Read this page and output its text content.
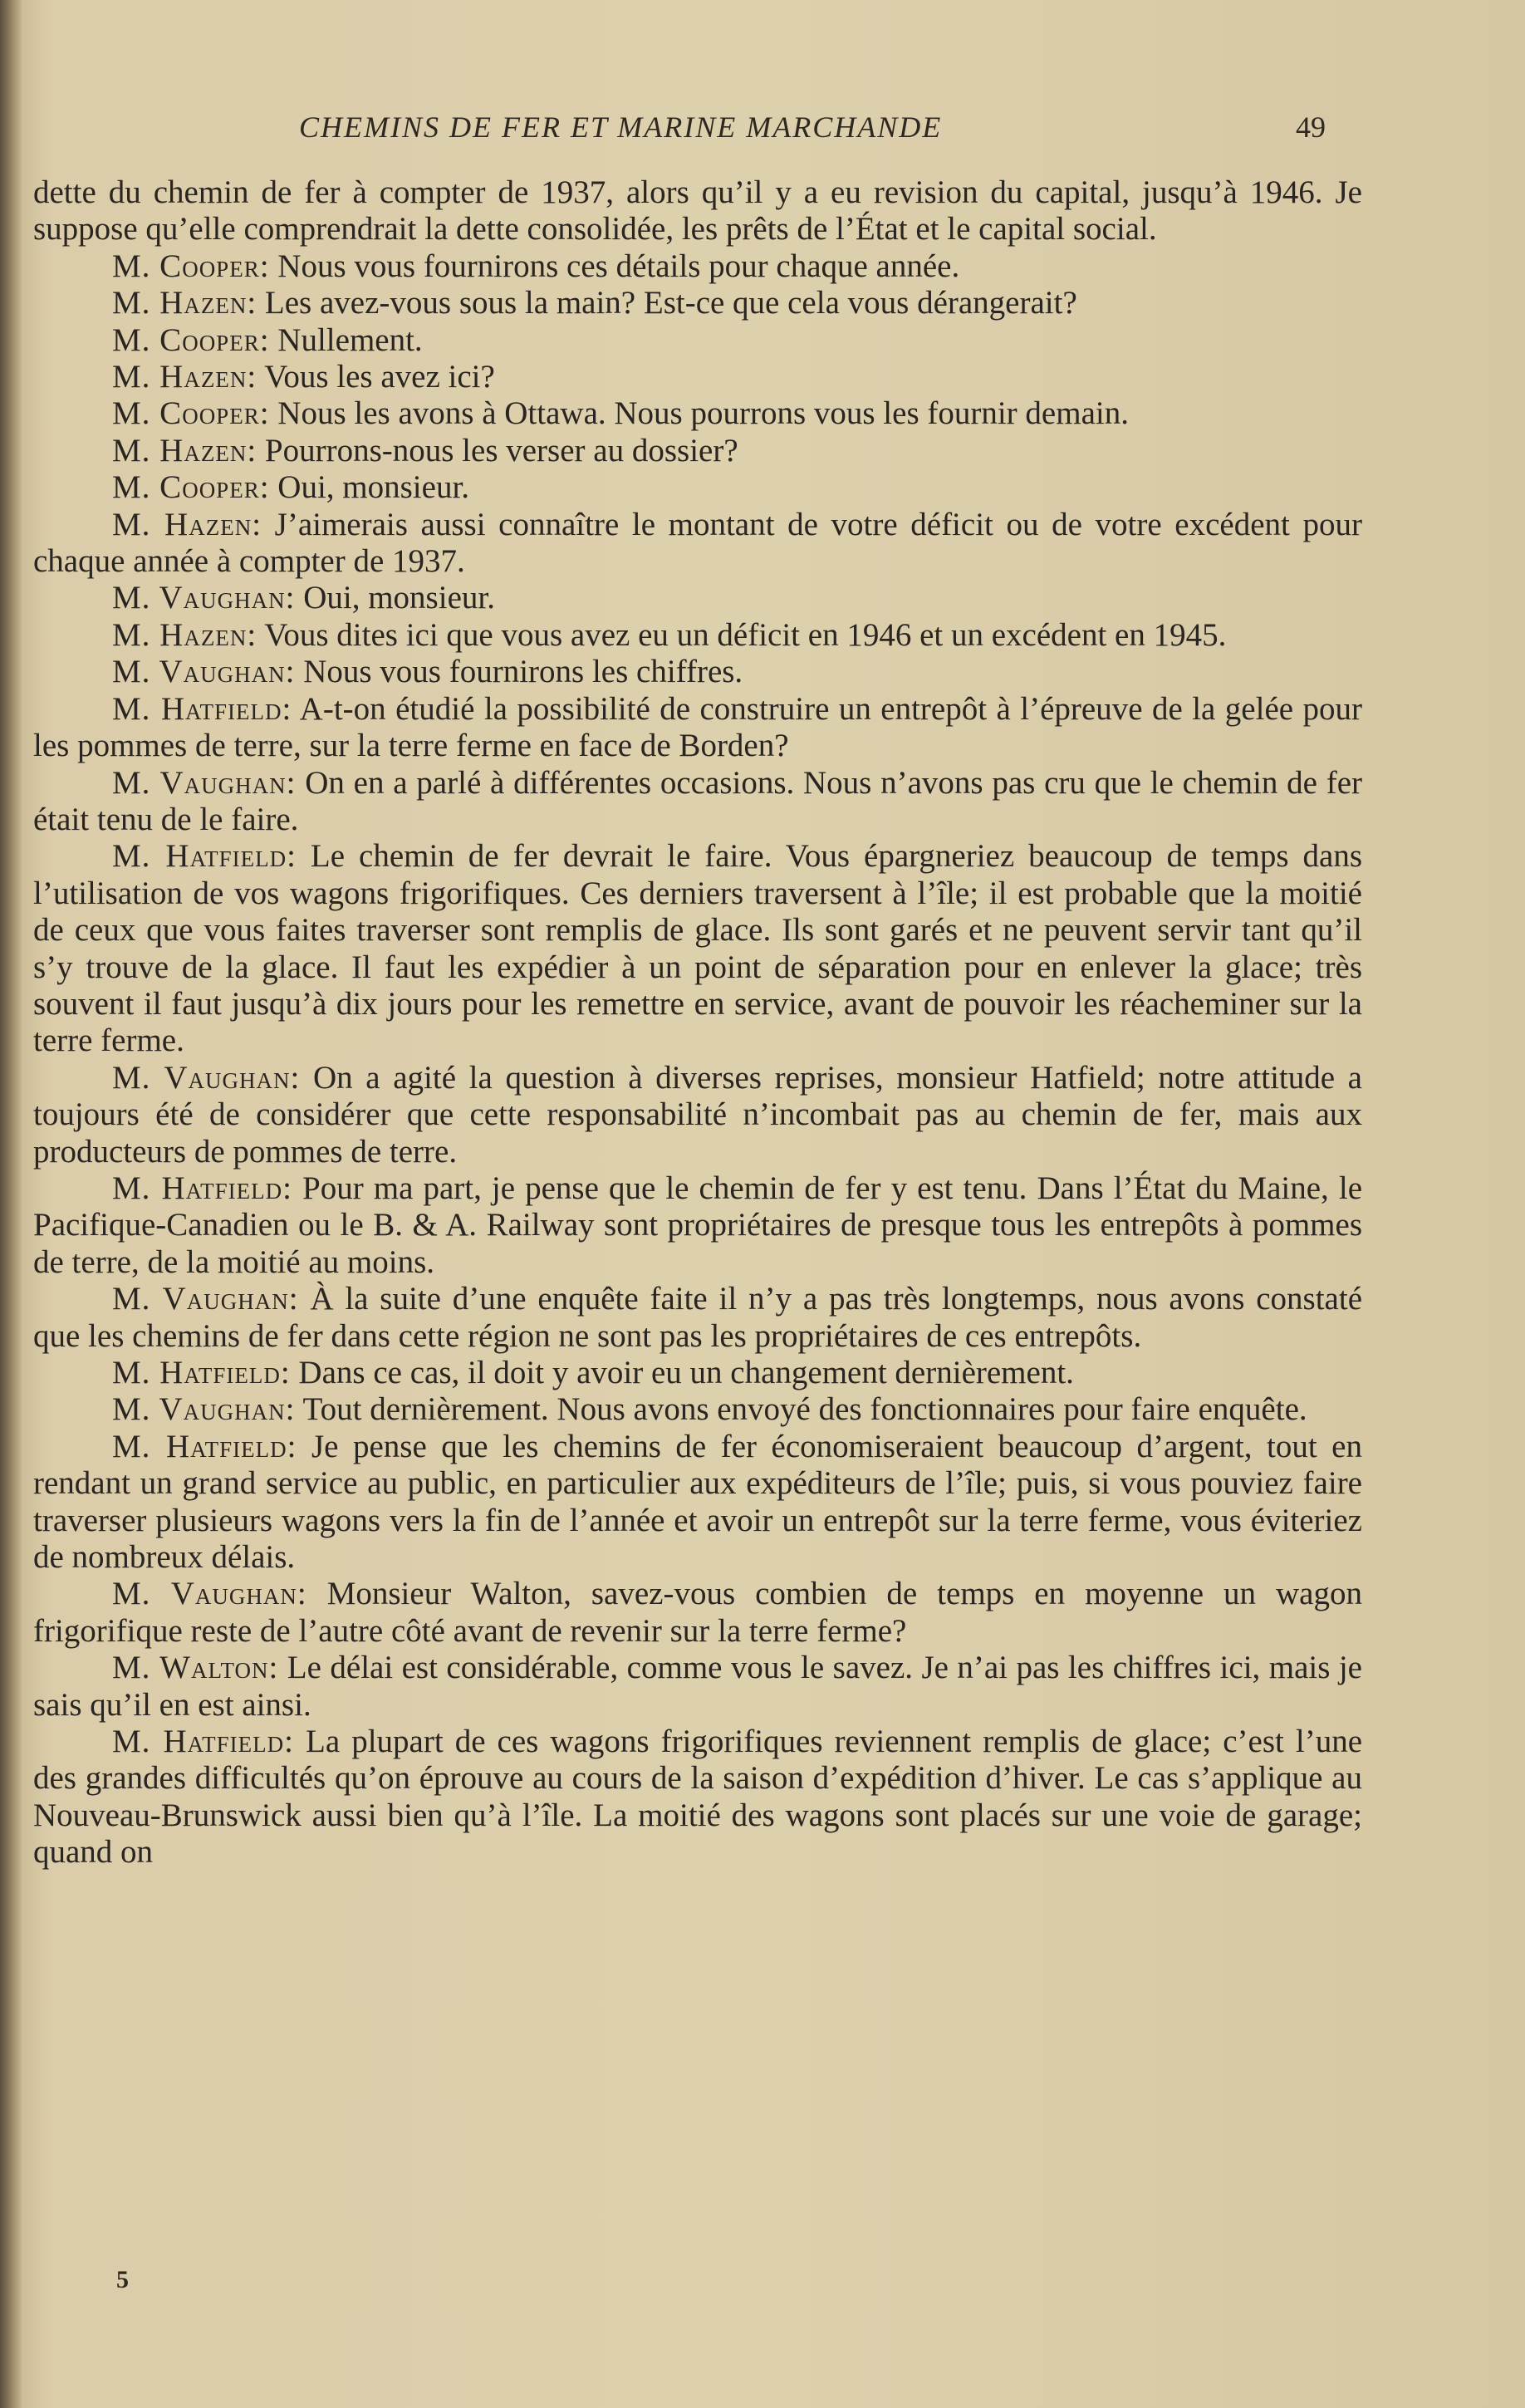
CHEMINS DE FER ET MARINE MARCHANDE	49

dette du chemin de fer à compter de 1937, alors qu’il y a eu revision du capital, jusqu’à 1946. Je suppose qu’elle comprendrait la dette consolidée, les prêts de l’État et le capital social.

M. Cooper: Nous vous fournirons ces détails pour chaque année.

M. Hazen: Les avez-vous sous la main? Est-ce que cela vous dérangerait?

M. Cooper: Nullement.

M. Hazen: Vous les avez ici?

M. Cooper: Nous les avons à Ottawa. Nous pourrons vous les fournir demain.

M. Hazen: Pourrons-nous les verser au dossier?

M. Cooper: Oui, monsieur.

M. Hazen: J’aimerais aussi connaître le montant de votre déficit ou de votre excédent pour chaque année à compter de 1937.

M. Vaughan: Oui, monsieur.

M. Hazen: Vous dites ici que vous avez eu un déficit en 1946 et un excédent en 1945.

M. Vaughan: Nous vous fournirons les chiffres.

M. Hatfield: A-t-on étudié la possibilité de construire un entrepôt à l’épreuve de la gelée pour les pommes de terre, sur la terre ferme en face de Borden?

M. Vaughan: On en a parlé à différentes occasions. Nous n’avons pas cru que le chemin de fer était tenu de le faire.

M. Hatfield: Le chemin de fer devrait le faire. Vous épargneriez beaucoup de temps dans l’utilisation de vos wagons frigorifiques. Ces derniers traversent à l’île; il est probable que la moitié de ceux que vous faites traverser sont remplis de glace. Ils sont garés et ne peuvent servir tant qu’il s’y trouve de la glace. Il faut les expédier à un point de séparation pour en enlever la glace; très souvent il faut jusqu’à dix jours pour les remettre en service, avant de pouvoir les réacheminer sur la terre ferme.

M. Vaughan: On a agité la question à diverses reprises, monsieur Hatfield; notre attitude a toujours été de considérer que cette responsabilité n’incombait pas au chemin de fer, mais aux producteurs de pommes de terre.

M. Hatfield: Pour ma part, je pense que le chemin de fer y est tenu. Dans l’État du Maine, le Pacifique-Canadien ou le B. & A. Railway sont propriétaires de presque tous les entrepôts à pommes de terre, de la moitié au moins.

M. Vaughan: À la suite d’une enquête faite il n’y a pas très longtemps, nous avons constaté que les chemins de fer dans cette région ne sont pas les propriétaires de ces entrepôts.

M. Hatfield: Dans ce cas, il doit y avoir eu un changement dernièrement.

M. Vaughan: Tout dernièrement. Nous avons envoyé des fonctionnaires pour faire enquête.

M. Hatfield: Je pense que les chemins de fer économiseraient beaucoup d’argent, tout en rendant un grand service au public, en particulier aux expéditeurs de l’île; puis, si vous pouviez faire traverser plusieurs wagons vers la fin de l’année et avoir un entrepôt sur la terre ferme, vous éviteriez de nombreux délais.

M. Vaughan: Monsieur Walton, savez-vous combien de temps en moyenne un wagon frigorifique reste de l’autre côté avant de revenir sur la terre ferme?

M. Walton: Le délai est considérable, comme vous le savez. Je n’ai pas les chiffres ici, mais je sais qu’il en est ainsi.

M. Hatfield: La plupart de ces wagons frigorifiques reviennent remplis de glace; c’est l’une des grandes difficultés qu’on éprouve au cours de la saison d’expédition d’hiver. Le cas s’applique au Nouveau-Brunswick aussi bien qu’à l’île. La moitié des wagons sont placés sur une voie de garage; quand on

5
